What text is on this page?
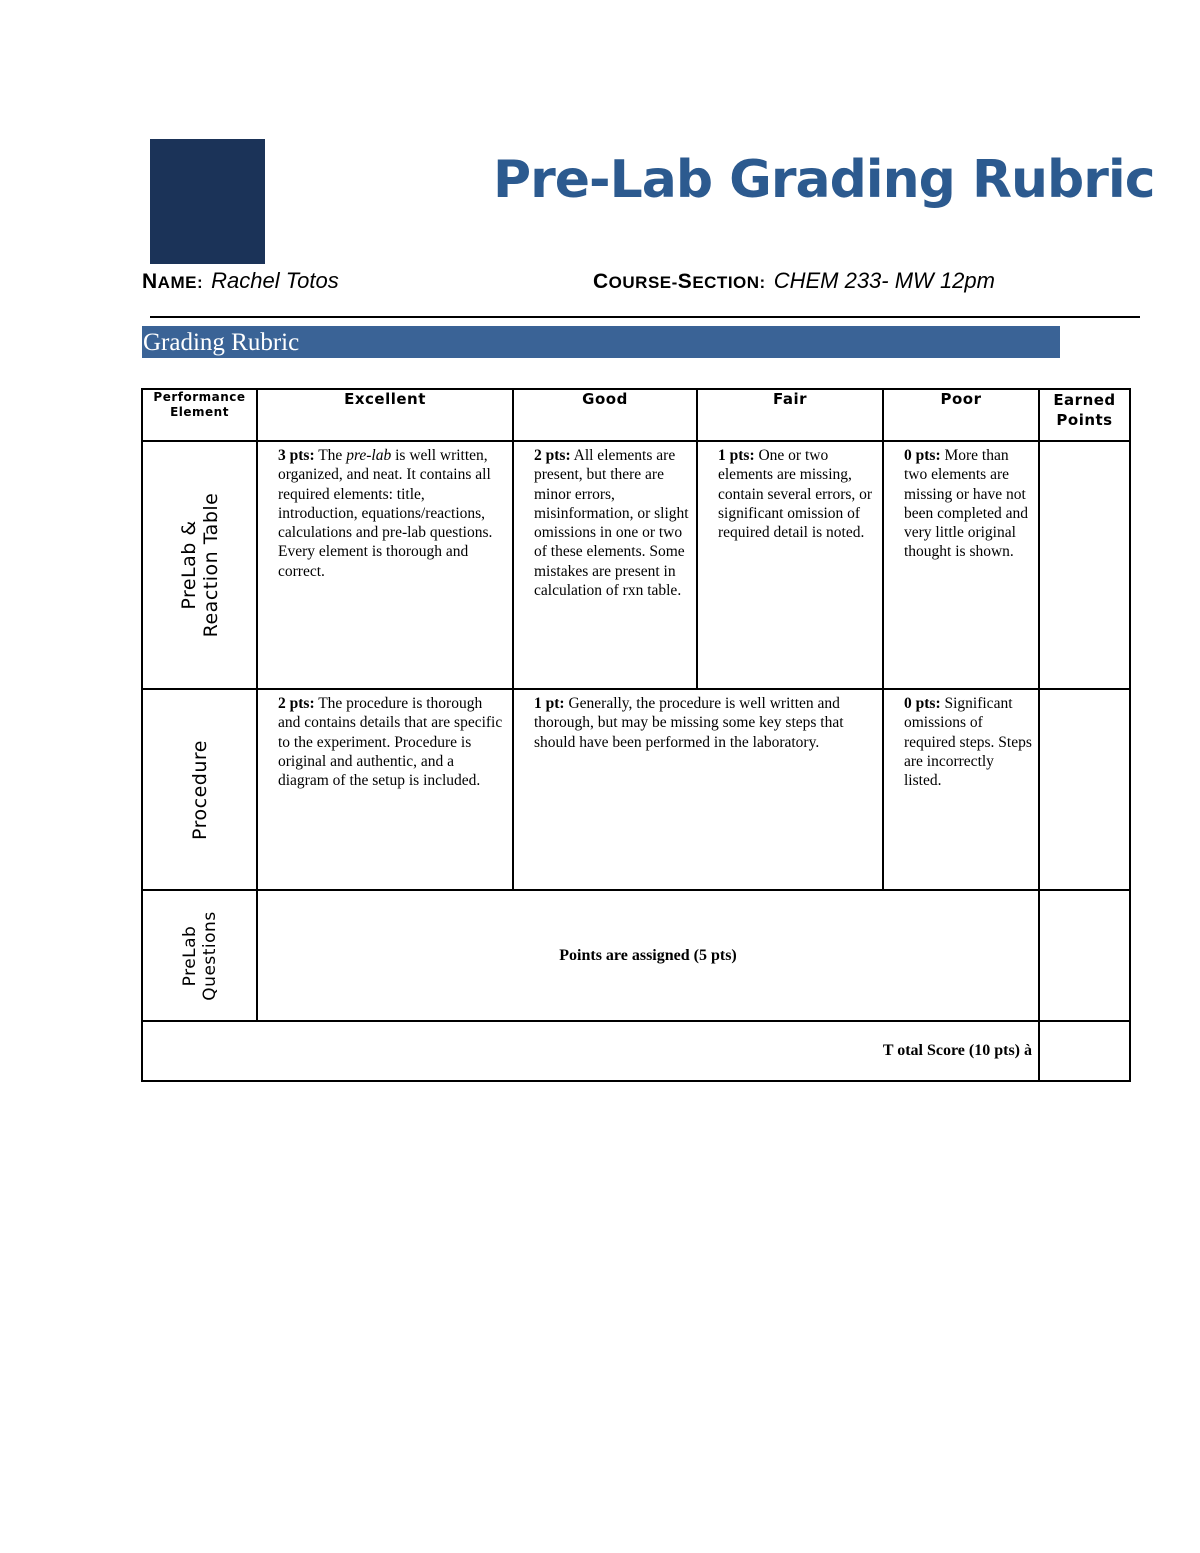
Pre-Lab Grading Rubric
NAME: Rachel Totos	COURSE-SECTION: CHEM 233- MW 12pm
Grading Rubric
Performance Element	Excellent	Good	Fair	Poor	Earned Points

PreLab & Reaction Table	3 pts: The pre-lab is well written, organized, and neat. It contains all required elements: title, introduction, equations/reactions, calculations and pre-lab questions. Every element is thorough and correct.	2 pts: All elements are present, but there are minor errors, misinformation, or slight omissions in one or two of these elements. Some mistakes are present in calculation of rxn table.	1 pts: One or two elements are missing, contain several errors, or significant omission of required detail is noted.	0 pts: More than two elements are missing or have not been completed and very little original thought is shown.	

Procedure	2 pts: The procedure is thorough and contains details that are specific to the experiment. Procedure is original and authentic, and a diagram of the setup is included.	1 pt: Generally, the procedure is well written and thorough, but may be missing some key steps that should have been performed in the laboratory.		0 pts: Significant omissions of required steps. Steps are incorrectly listed.	

PreLab Questions	Points are assigned (5 pts)				
T otal Score (10 pts) à					
